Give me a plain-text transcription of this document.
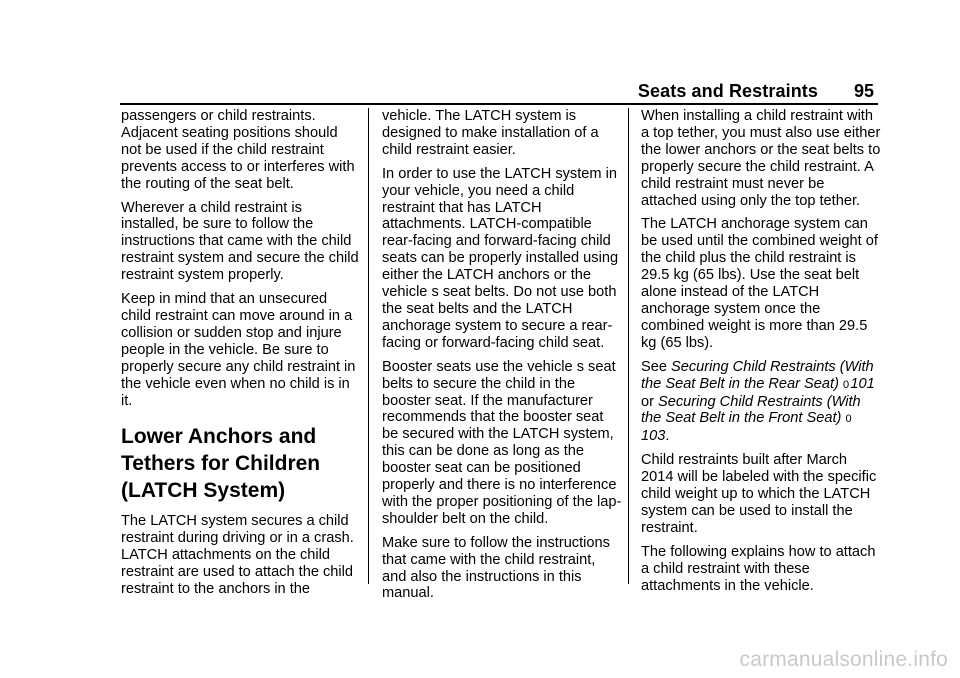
Seats and Restraints 95

passengers or child restraints. Adjacent seating positions should not be used if the child restraint prevents access to or interferes with the routing of the seat belt.

Wherever a child restraint is installed, be sure to follow the instructions that came with the child restraint system and secure the child restraint system properly.

Keep in mind that an unsecured child restraint can move around in a collision or sudden stop and injure people in the vehicle. Be sure to properly secure any child restraint in the vehicle even when no child is in it.

Lower Anchors and
Tethers for Children
(LATCH System)

The LATCH system secures a child restraint during driving or in a crash. LATCH attachments on the child restraint are used to attach the child restraint to the anchors in the

vehicle. The LATCH system is designed to make installation of a child restraint easier.

In order to use the LATCH system in your vehicle, you need a child restraint that has LATCH attachments. LATCH-compatible rear-facing and forward-facing child seats can be properly installed using either the LATCH anchors or the vehicle s seat belts. Do not use both the seat belts and the LATCH anchorage system to secure a rear-facing or forward-facing child seat.

Booster seats use the vehicle s seat belts to secure the child in the booster seat. If the manufacturer recommends that the booster seat be secured with the LATCH system, this can be done as long as the booster seat can be positioned properly and there is no interference with the proper positioning of the lap-shoulder belt on the child.

Make sure to follow the instructions that came with the child restraint, and also the instructions in this manual.

When installing a child restraint with a top tether, you must also use either the lower anchors or the seat belts to properly secure the child restraint. A child restraint must never be attached using only the top tether.

The LATCH anchorage system can be used until the combined weight of the child plus the child restraint is 29.5 kg (65 lbs). Use the seat belt alone instead of the LATCH anchorage system once the combined weight is more than 29.5 kg (65 lbs).

See Securing Child Restraints (With the Seat Belt in the Rear Seat) 0 101 or Securing Child Restraints (With the Seat Belt in the Front Seat) 0 103.

Child restraints built after March 2014 will be labeled with the specific child weight up to which the LATCH system can be used to install the restraint.

The following explains how to attach a child restraint with these attachments in the vehicle.

carmanualsonline.info
